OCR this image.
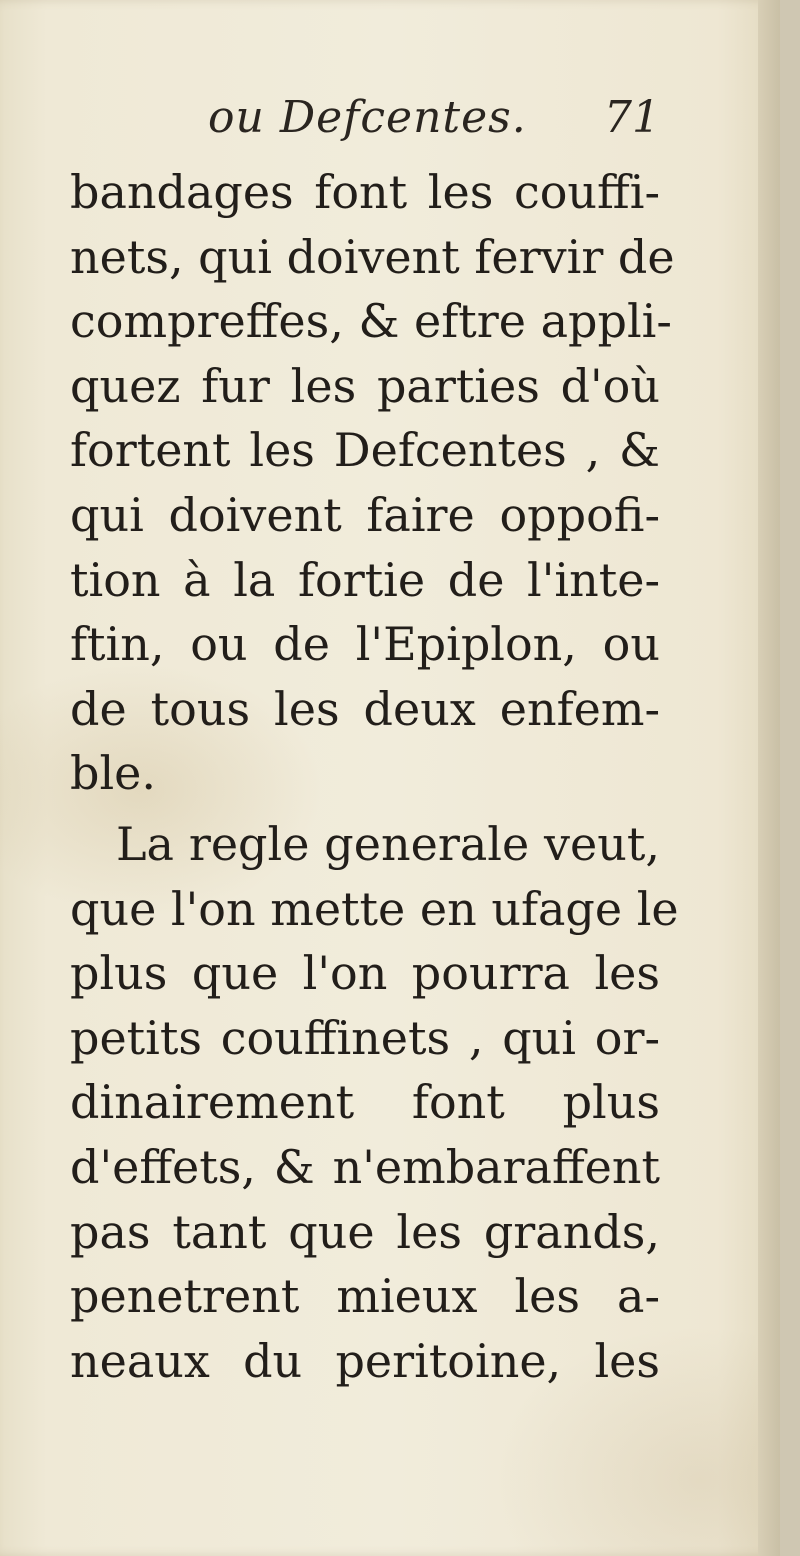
ou Defcentes. 71
bandages font les couffi-
nets, qui doivent fervir de
compreffes, & eftre appli-
quez fur les parties d'où
fortent les Defcentes , &
qui doivent faire oppofi-
tion à la fortie de l'inte-
ftin, ou de l'Epiplon, ou
de tous les deux enfem-
ble.
La regle generale veut,
que l'on mette en ufage le
plus que l'on pourra les
petits couffinets , qui or-
dinairement font plus
d'effets, & n'embaraffent
pas tant que les grands,
penetrent mieux les a-
neaux du peritoine, les
